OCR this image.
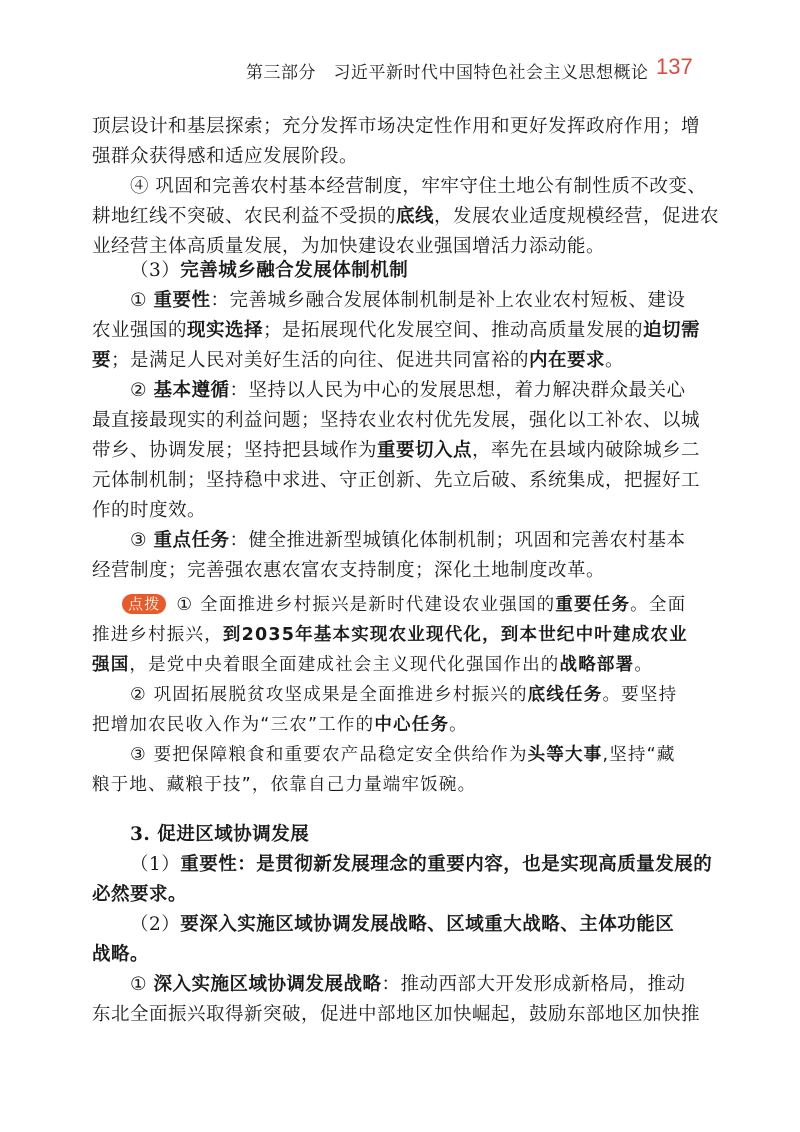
第三部分　习近平新时代中国特色社会主义思想概论 137
顶层设计和基层探索；充分发挥市场决定性作用和更好发挥政府作用；增
强群众获得感和适应发展阶段。
④ 巩固和完善农村基本经营制度，牢牢守住土地公有制性质不改变、
耕地红线不突破、农民利益不受损的底线，发展农业适度规模经营，促进农
业经营主体高质量发展，为加快建设农业强国增活力添动能。
（3）完善城乡融合发展体制机制
① 重要性：完善城乡融合发展体制机制是补上农业农村短板、建设
农业强国的现实选择；是拓展现代化发展空间、推动高质量发展的迫切需
要；是满足人民对美好生活的向往、促进共同富裕的内在要求。
② 基本遵循：坚持以人民为中心的发展思想，着力解决群众最关心
最直接最现实的利益问题；坚持农业农村优先发展，强化以工补农、以城
带乡、协调发展；坚持把县域作为重要切入点，率先在县域内破除城乡二
元体制机制；坚持稳中求进、守正创新、先立后破、系统集成，把握好工
作的时度效。
③ 重点任务：健全推进新型城镇化体制机制；巩固和完善农村基本
经营制度；完善强农惠农富农支持制度；深化土地制度改革。
点拨 ① 全面推进乡村振兴是新时代建设农业强国的重要任务。全面
推进乡村振兴，到2035年基本实现农业现代化，到本世纪中叶建成农业
强国，是党中央着眼全面建成社会主义现代化强国作出的战略部署。
② 巩固拓展脱贫攻坚成果是全面推进乡村振兴的底线任务。要坚持
把增加农民收入作为“三农”工作的中心任务。
③ 要把保障粮食和重要农产品稳定安全供给作为头等大事,坚持“藏
粮于地、藏粮于技”，依靠自己力量端牢饭碗。
3. 促进区域协调发展
（1）重要性：是贯彻新发展理念的重要内容，也是实现高质量发展的
必然要求。
（2）要深入实施区域协调发展战略、区域重大战略、主体功能区
战略。
① 深入实施区域协调发展战略：推动西部大开发形成新格局，推动
东北全面振兴取得新突破，促进中部地区加快崛起，鼓励东部地区加快推
